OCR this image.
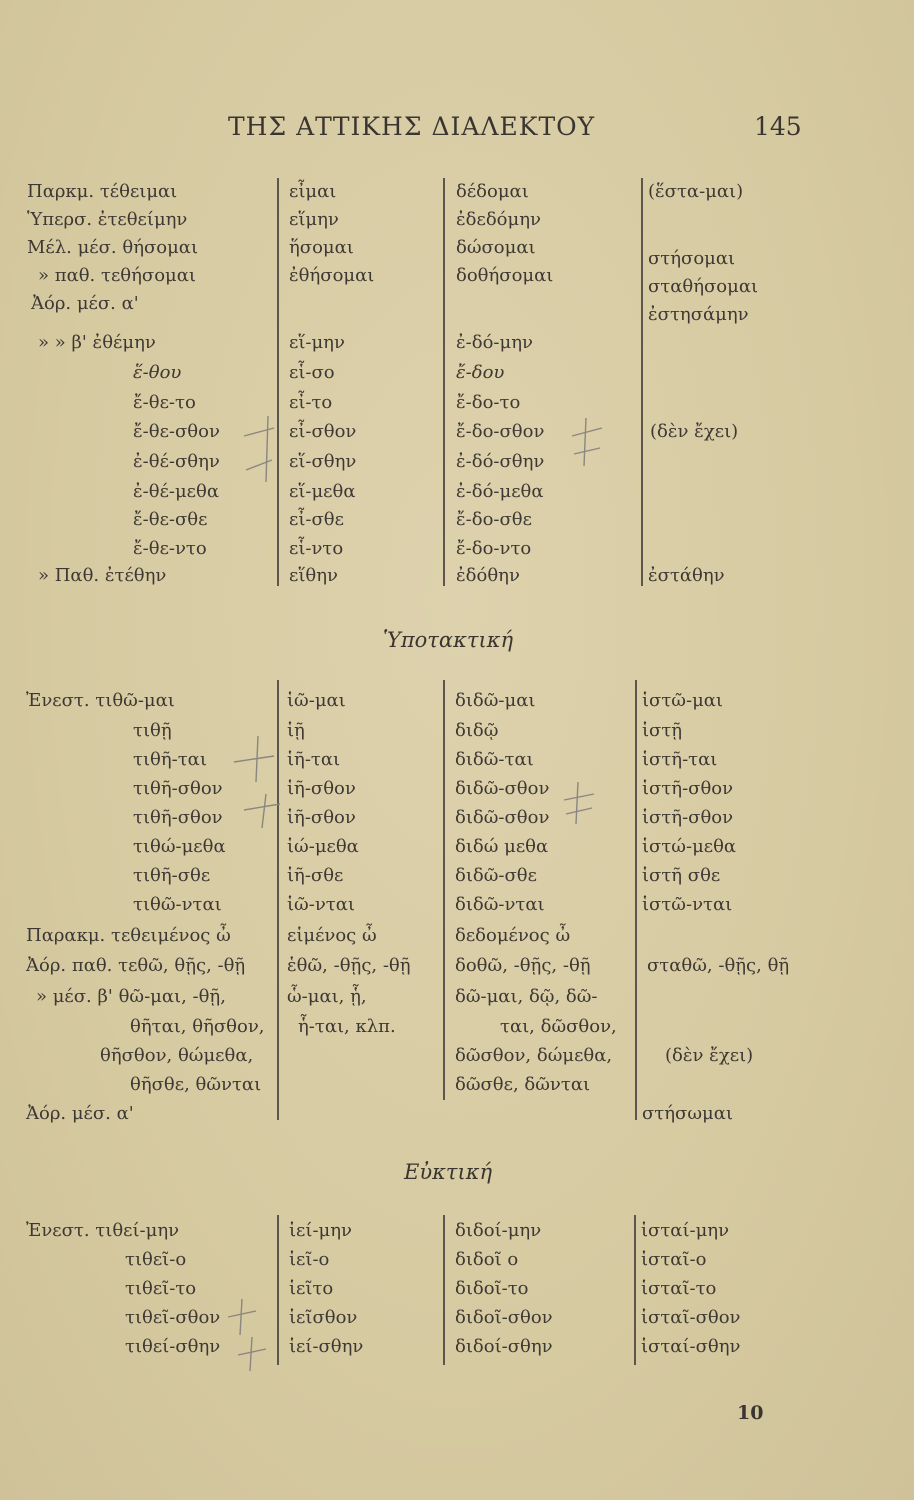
ΤΗΣ ΑΤΤΙΚΗΣ ΔΙΑΛΕΚΤΟΥ	145
Παρκμ. τέθειμαι
Ὑπερσ. ἐτεθείμην
Μέλ. μέσ. θήσομαι
» παθ. τεθήσομαι
Ἀόρ. μέσ. α'
» » β' ἐθέμην
ἕ-θου
ἔ-θε-το
ἔ-θε-σθον
ἐ-θέ-σθην
ἐ-θέ-μεθα
ἔ-θε-σθε
ἔ-θε-ντο
» Παθ. ἐτέθην
εἶμαι
εἵμην
ἥσομαι
ἐθήσομαι
εἵ-μην
εἷ-σο
εἶ-το
εἶ-σθον
εἵ-σθην
εἵ-μεθα
εἶ-σθε
εἷ-ντο
εἵθην
δέδομαι
ἐδεδόμην
δώσομαι
δοθήσομαι
ἐ-δό-μην
ἔ-δου
ἔ-δο-το
ἔ-δο-σθον
ἐ-δό-σθην
ἐ-δό-μεθα
ἔ-δο-σθε
ἔ-δο-ντο
ἐδόθην
(ἕστα-μαι)
στήσομαι
σταθήσομαι
ἐστησάμην
(δὲν ἔχει)
ἐστάθην
Ὑποτακτική
Ἐνεστ. τιθῶ-μαι
τιθῇ
τιθῆ-ται
τιθῆ-σθον
τιθῆ-σθον
τιθώ-μεθα
τιθῆ-σθε
τιθῶ-νται
Παρακμ. τεθειμένος ὦ
Ἀόρ. παθ. τεθῶ, θῇς, -θῇ
» μέσ. β' θῶ-μαι, -θῇ,
θῆται, θῆσθον,
θῆσθον, θώμεθα,
θῆσθε, θῶνται
Ἀόρ. μέσ. α'
ἱῶ-μαι
ἱῇ
ἱῆ-ται
ἱῆ-σθον
ἱῆ-σθον
ἱώ-μεθα
ἱῆ-σθε
ἱῶ-νται
εἱμένος ὦ
ἑθῶ, -θῇς, -θῇ
ὧ-μαι, ᾗ,
ἧ-ται, κλπ.
διδῶ-μαι
διδῷ
διδῶ-ται
διδῶ-σθον
διδῶ-σθον
διδώ μεθα
διδῶ-σθε
διδῶ-νται
δεδομένος ὦ
δοθῶ, -θῇς, -θῇ
δῶ-μαι, δῷ, δῶ-
ται, δῶσθον,
δῶσθον, δώμεθα,
δῶσθε, δῶνται
ἱστῶ-μαι
ἱστῇ
ἱστῆ-ται
ἱστῆ-σθον
ἱστῆ-σθον
ἱστώ-μεθα
ἱστῆ σθε
ἱστῶ-νται
σταθῶ, -θῇς, θῇ
(δὲν ἔχει)
στήσωμαι
Εὐκτική
Ἐνεστ. τιθεί-μην
τιθεῖ-ο
τιθεῖ-το
τιθεῖ-σθον
τιθεί-σθην
ἱεί-μην
ἱεῖ-ο
ἱεῖτο
ἱεῖσθον
ἱεί-σθην
διδοί-μην
διδοῖ ο
διδοῖ-το
διδοῖ-σθον
διδοί-σθην
ἱσταί-μην
ἱσταῖ-ο
ἱσταῖ-το
ἱσταῖ-σθον
ἱσταί-σθην
10
